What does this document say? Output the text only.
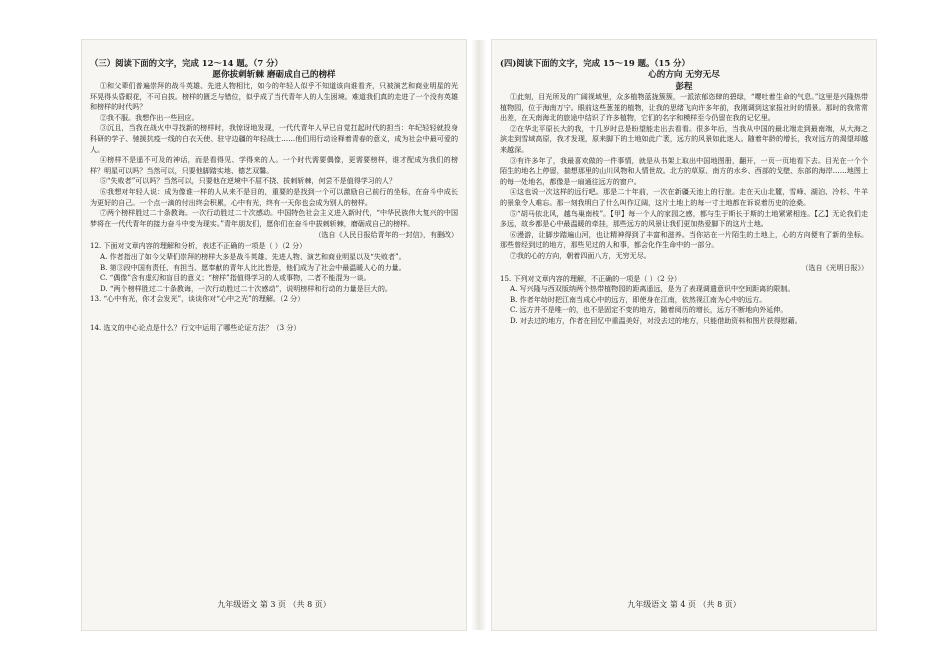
（三）阅读下面的文字，完成 12～14 题。（7 分）
愿你拔刺斩棘 磨砺成自己的榜样

①和父辈们普遍崇拜的战斗英雄、先进人物相比，如今的年轻人似乎不知道该向谁看齐，只被演艺和商业明星的光环晃得头昏眼花，不可自拔。榜样的匮乏与错位，似乎成了当代青年人的人生困境。难道我们真的走进了一个没有英雄和榜样的时代吗？

②我不服。我想作出一些回应。

③沉且，当我在战火中寻找新的榜样时，我惊讶地发现，一代代青年人早已自觉扛起时代的担当：年纪轻轻就投身科研的学子、驰援抗疫一线的白衣天使、驻守边疆的年轻战士……他们用行动诠释着青春的意义，成为社会中最可爱的人。

④榜样不是遥不可及的神话，而是看得见、学得来的人。一个时代需要偶像，更需要榜样，谁才配成为我们的榜样？明星可以吗？当然可以，只要他脚踏实地、德艺双馨。

⑤“失败者”可以吗？当然可以，只要他在逆境中不屈不挠、拔刺斩棘，何尝不是值得学习的人？

⑥我想对年轻人说：成为像谁一样的人从来不是目的，重要的是找到一个可以激励自己前行的坐标，在奋斗中成长为更好的自己。一个点一滴的付出终会积累，心中有光，终有一天你也会成为别人的榜样。

⑦两个榜样胜过二十条教诲。一次行动胜过二十次感动。中国特色社会主义进入新时代，“中华民族伟大复兴的中国梦将在一代代青年的接力奋斗中变为现实。”青年朋友们，愿你们在奋斗中拔刺斩棘，磨砺成自己的榜样。

（选自《人民日报给青年的一封信》，有删改）

12. 下面对文章内容的理解和分析，表述不正确的一项是（ ）（2 分）

A. 作者指出了如今父辈们崇拜的榜样大多是战斗英雄、先进人物、演艺和商业明星以及“失败者”。

B. 第③段中国有责任、有担当、愿奉献的青年人比比皆是，他们成为了社会中最温暖人心的力量。

C. “偶像”含有虚幻和盲目的意义；“榜样”指值得学习的人或事物，二者不能混为一谈。

D. “两个榜样胜过二十条教诲，一次行动胜过二十次感动”，说明榜样和行动的力量是巨大的。

13. “心中有光，你才会发光”，谈谈你对“心中之光”的理解。（2 分）

14. 选文的中心论点是什么？行文中运用了哪些论证方法？（3 分）

九年级语文 第 3 页 （共 8 页）
(四)阅读下面的文字，完成 15～19 题。（15 分）
心的方向 无穷无尽
彭程

①此刻，目光所及的广阔视域里，众多植物蓝拢簇簇，一派浓郁恣肆的碧绿，“嘤吐着生命的气息。”这里是兴隆热带植物园，位于海南万宁。眼前这些葱茏的植物，让我的思绪飞向许多年前，我刚调到这家报社时的情景。那时的我常常出差，在天南海北的旅途中结识了许多植物，它们的名字和模样至今仍留在我的记忆里。

②在华北平原长大的我，十几岁时总是盼望能走出去看看。很多年后，当我从中国的最北端走到最南端，从大海之滨走到雪域高原，我才发现，原来脚下的土地如此广袤，远方的风景如此迷人。随着年龄的增长，我对远方的渴望却越来越深。

③有许多年了，我最喜欢做的一件事情，就是从书架上取出中国地图册，翻开，一页一页地看下去。目光在一个个陌生的地名上停留，揣想那里的山川风物和人情世故。北方的草原、南方的水乡、西部的戈壁、东部的海岸……地图上的每一处地名，都像是一扇通往远方的窗户。

④这也说一次这样的远行吧。那是二十年前，一次在新疆天池上的行旅。走在天山北麓，雪峰、湖泊、冷杉、牛羊的景象令人难忘。那一刻我明白了什么叫作辽阔，这片土地上的每一寸土地都在诉说着历史的沧桑。

⑤“胡马依北风，越鸟巢南枝”。【甲】每一个人的家园之感，都与生于斯长于斯的土地紧紧相连。【乙】无论我们走多远，故乡都是心中最温暖的牵挂，那些远方的风景让我们更加热爱脚下的这片土地。

⑥漫游，让脚步踏遍山河，也让精神得到了丰富和滋养。当你站在一片陌生的土地上，心的方向便有了新的坐标。那些曾经到过的地方，那些见过的人和事，都会化作生命中的一部分。

⑦我的心的方向，朝着四面八方，无穷无尽。

（选自《光明日报》）

15. 下列对文章内容的理解，不正确的一项是（ ）（2 分）

A. 写兴隆与西双版纳两个热带植物园的距离遥远，是为了表现调遣意识中空间距离的限制。

B. 作者年幼时把江南当成心中的远方，即使身在江南，依然视江南为心中的远方。

C. 远方并不是唯一的，也不是固定不变的地方，随着阅历的增长，远方不断地向外延伸。

D. 对去过的地方，作者在回忆中重温美好，对没去过的地方，只能借助资料和图片获得慰藉。

九年级语文 第 4 页 （共 8 页）
